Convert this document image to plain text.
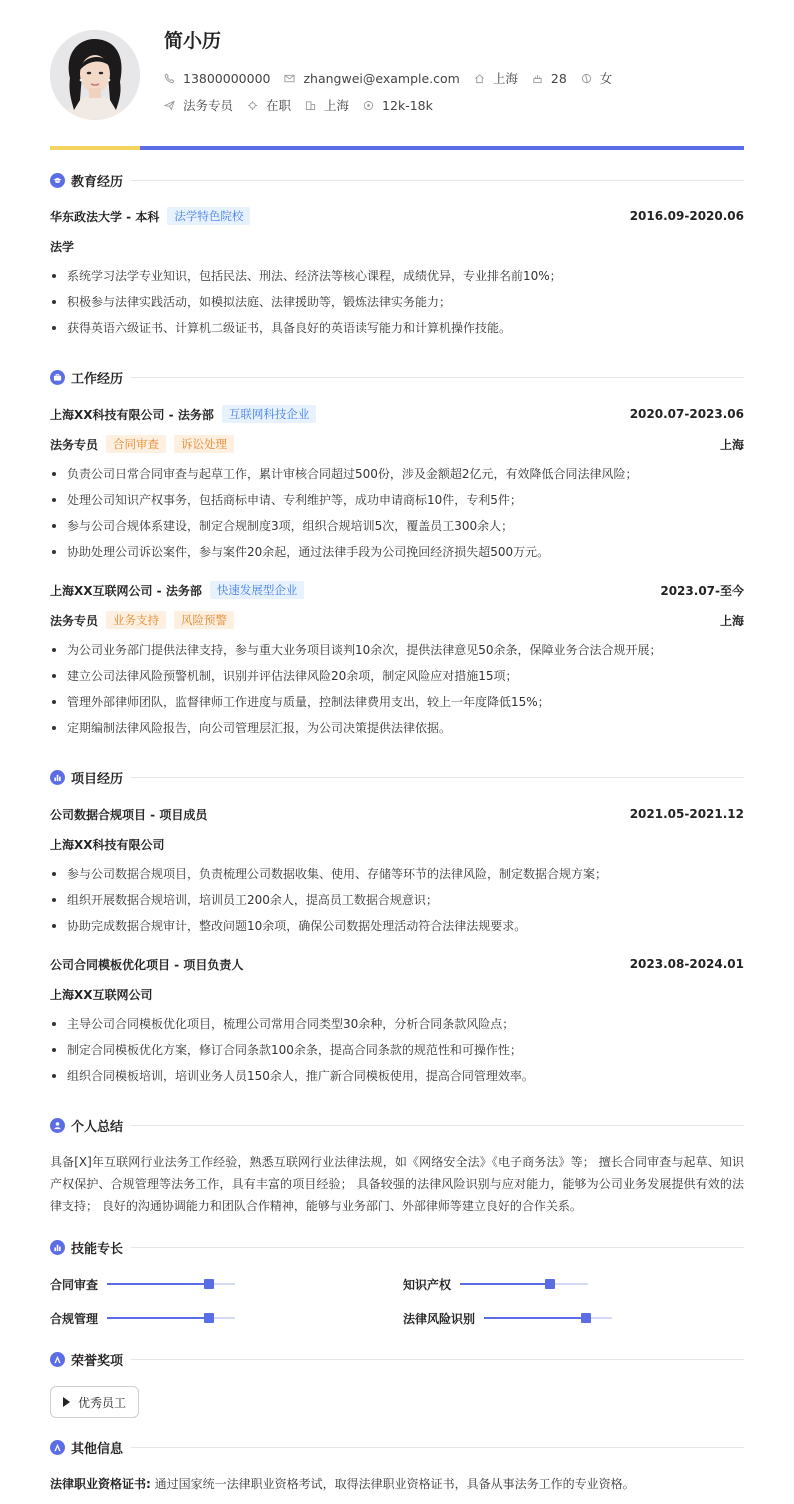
简小历
13800000000	zhangwei@example.com	上海	28	女
法务专员	在职	上海	12k-18k
教育经历
华东政法大学 - 本科	法学特色院校	2016.09-2020.06
法学
系统学习法学专业知识，包括民法、刑法、经济法等核心课程，成绩优异，专业排名前10%；
积极参与法律实践活动，如模拟法庭、法律援助等，锻炼法律实务能力；
获得英语六级证书、计算机二级证书，具备良好的英语读写能力和计算机操作技能。
工作经历
上海XX科技有限公司 - 法务部	互联网科技企业	2020.07-2023.06
法务专员	合同审查	诉讼处理	上海
负责公司日常合同审查与起草工作，累计审核合同超过500份，涉及金额超2亿元，有效降低合同法律风险；
处理公司知识产权事务，包括商标申请、专利维护等，成功申请商标10件，专利5件；
参与公司合规体系建设，制定合规制度3项，组织合规培训5次，覆盖员工300余人；
协助处理公司诉讼案件，参与案件20余起，通过法律手段为公司挽回经济损失超500万元。
上海XX互联网公司 - 法务部	快速发展型企业	2023.07-至今
法务专员	业务支持	风险预警	上海
为公司业务部门提供法律支持，参与重大业务项目谈判10余次，提供法律意见50余条，保障业务合法合规开展；
建立公司法律风险预警机制，识别并评估法律风险20余项，制定风险应对措施15项；
管理外部律师团队，监督律师工作进度与质量，控制法律费用支出，较上一年度降低15%；
定期编制法律风险报告，向公司管理层汇报，为公司决策提供法律依据。
项目经历
公司数据合规项目 - 项目成员	2021.05-2021.12
上海XX科技有限公司
参与公司数据合规项目，负责梳理公司数据收集、使用、存储等环节的法律风险，制定数据合规方案；
组织开展数据合规培训，培训员工200余人，提高员工数据合规意识；
协助完成数据合规审计，整改问题10余项，确保公司数据处理活动符合法律法规要求。
公司合同模板优化项目 - 项目负责人	2023.08-2024.01
上海XX互联网公司
主导公司合同模板优化项目，梳理公司常用合同类型30余种，分析合同条款风险点；
制定合同模板优化方案，修订合同条款100余条，提高合同条款的规范性和可操作性；
组织合同模板培训，培训业务人员150余人，推广新合同模板使用，提高合同管理效率。
个人总结
具备[X]年互联网行业法务工作经验，熟悉互联网行业法律法规，如《网络安全法》《电子商务法》等； 擅长合同审查与起草、知识产权保护、合规管理等法务工作，具有丰富的项目经验； 具备较强的法律风险识别与应对能力，能够为公司业务发展提供有效的法律支持； 良好的沟通协调能力和团队合作精神，能够与业务部门、外部律师等建立良好的合作关系。
技能专长
合同审查	知识产权
合规管理	法律风险识别
荣誉奖项
优秀员工
其他信息
法律职业资格证书: 通过国家统一法律职业资格考试，取得法律职业资格证书，具备从事法务工作的专业资格。
